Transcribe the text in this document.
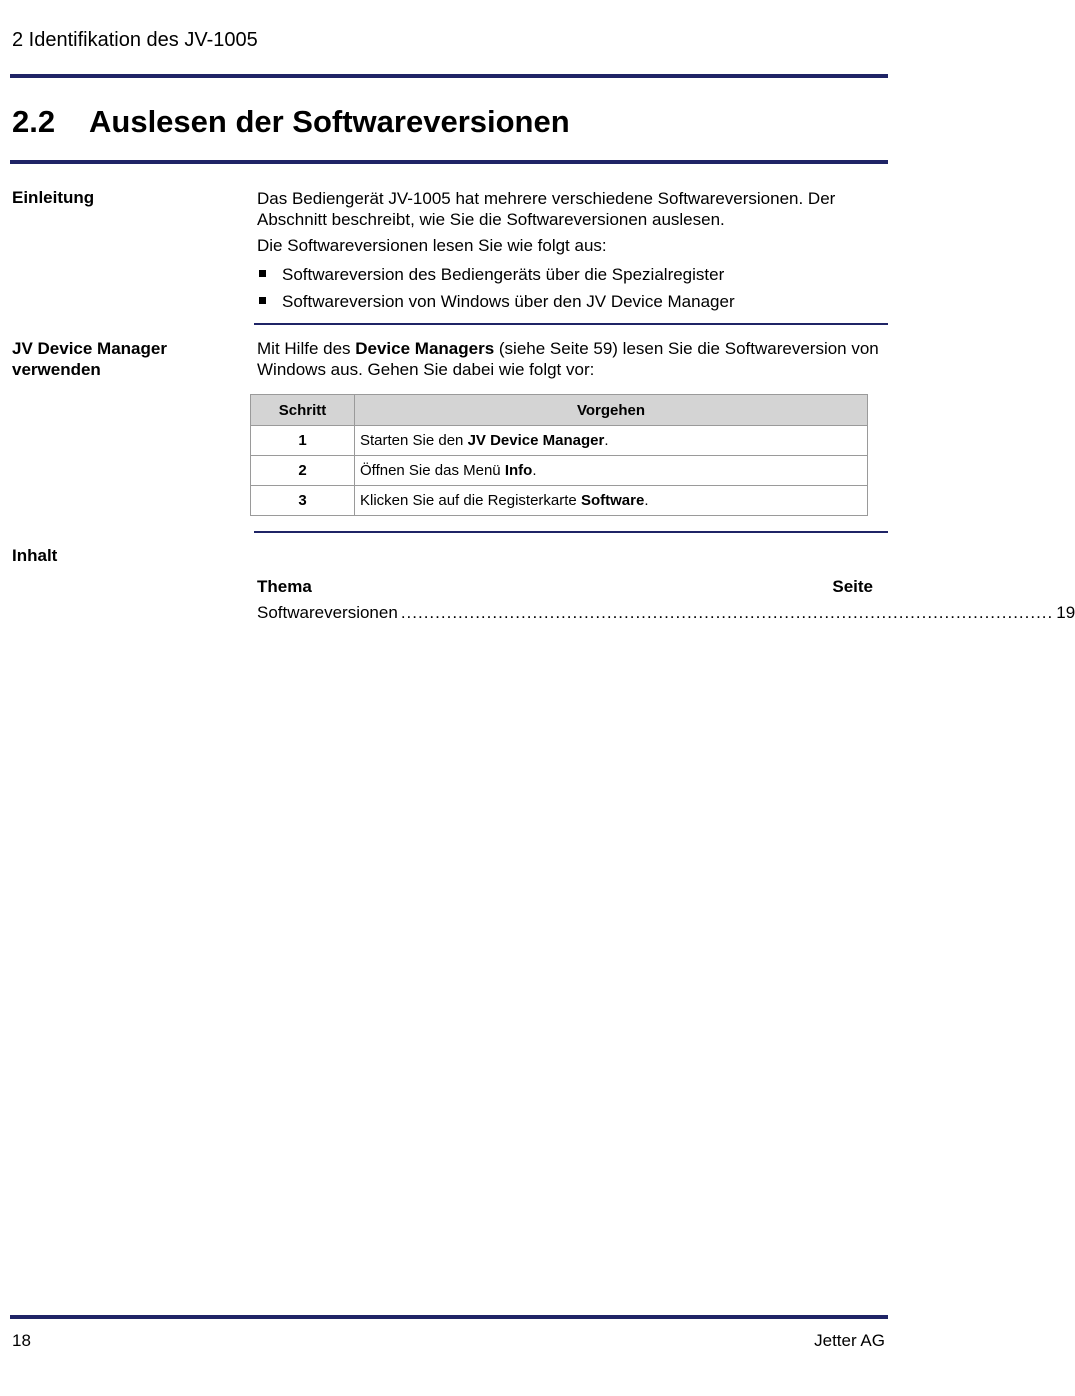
2 Identifikation des JV-1005
2.2 Auslesen der Softwareversionen
Einleitung	Das Bediengerät JV-1005 hat mehrere verschiedene Softwareversionen. Der Abschnitt beschreibt, wie Sie die Softwareversionen auslesen.
Die Softwareversionen lesen Sie wie folgt aus:
Softwareversion des Bediengeräts über die Spezialregister
Softwareversion von Windows über den JV Device Manager
JV Device Manager
verwenden
Mit Hilfe des Device Managers (siehe Seite 59) lesen Sie die Softwareversion von Windows aus. Gehen Sie dabei wie folgt vor:
Schritt	Vorgehen
1	Starten Sie den JV Device Manager.
2	Öffnen Sie das Menü Info.
3	Klicken Sie auf die Registerkarte Software.
Inhalt
Thema	Seite
Softwareversionen .................................................................................................................. 19
18	Jetter AG
